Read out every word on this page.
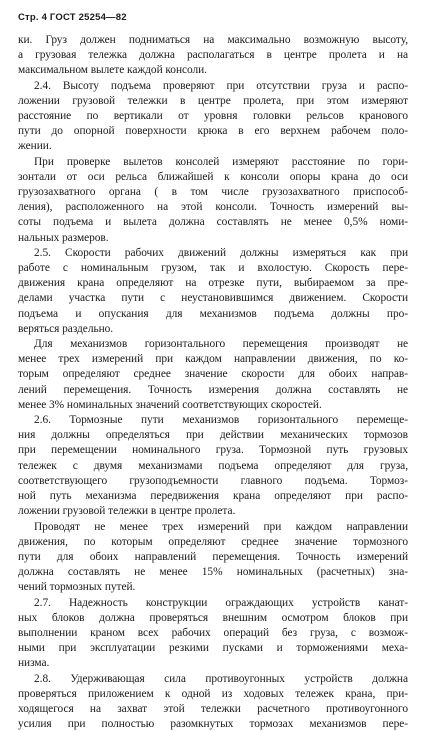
Стр. 4 ГОСТ 25254—82
ки. Груз должен подниматься на максимально возможную высоту,
а грузовая тележка должна располагаться в центре пролета и на
максимальном вылете каждой консоли.
2.4. Высоту подъема проверяют при отсутствии груза и распо-
ложении грузовой тележки в центре пролета, при этом измеряют
расстояние по вертикали от уровня головки рельсов кранового
пути до опорной поверхности крюка в его верхнем рабочем поло-
жении.
При проверке вылетов консолей измеряют расстояние по гори-
зонтали от оси рельса ближайшей к консоли опоры крана до оси
грузозахватного органа ( в том числе грузозахватного приспособ-
ления), расположенного на этой консоли. Точность измерений вы-
соты подъема и вылета должна составлять не менее 0,5% номи-
нальных размеров.
2.5. Скорости рабочих движений должны измеряться как при
работе с номинальным грузом, так и вхолостую. Скорость пере-
движения крана определяют на отрезке пути, выбираемом за пре-
делами участка пути с неустановившимся движением. Скорости
подъема и опускания для механизмов подъема должны про-
веряться раздельно.
Для механизмов горизонтального перемещения производят не
менее трех измерений при каждом направлении движения, по ко-
торым определяют среднее значение скорости для обоих направ-
лений перемещения. Точность измерения должна составлять не
менее 3% номинальных значений соответствующих скоростей.
2.6. Тормозные пути механизмов горизонтального перемеще-
ния должны определяться при действии механических тормозов
при перемещении номинального груза. Тормозной путь грузовых
тележек с двумя механизмами подъема определяют для груза,
соответствующего грузоподъемности главного подъема. Тормоз-
ной путь механизма передвижения крана определяют при распо-
ложении грузовой тележки в центре пролета.
Проводят не менее трех измерений при каждом направлении
движения, по которым определяют среднее значение тормозного
пути для обоих направлений перемещения. Точность измерений
должна составлять не менее 15% номинальных (расчетных) зна-
чений тормозных путей.
2.7. Надежность конструкции ограждающих устройств канат-
ных блоков должна проверяться внешним осмотром блоков при
выполнении краном всех рабочих операций без груза, с возмож-
ными при эксплуатации резкими пусками и торможениями меха-
низма.
2.8. Удерживающая сила противоугонных устройств должна
проверяться приложением к одной из ходовых тележек крана, при-
ходящегося на захват этой тележки расчетного противоугонного
усилия при полностью разомкнутых тормозах механизмов пере-
